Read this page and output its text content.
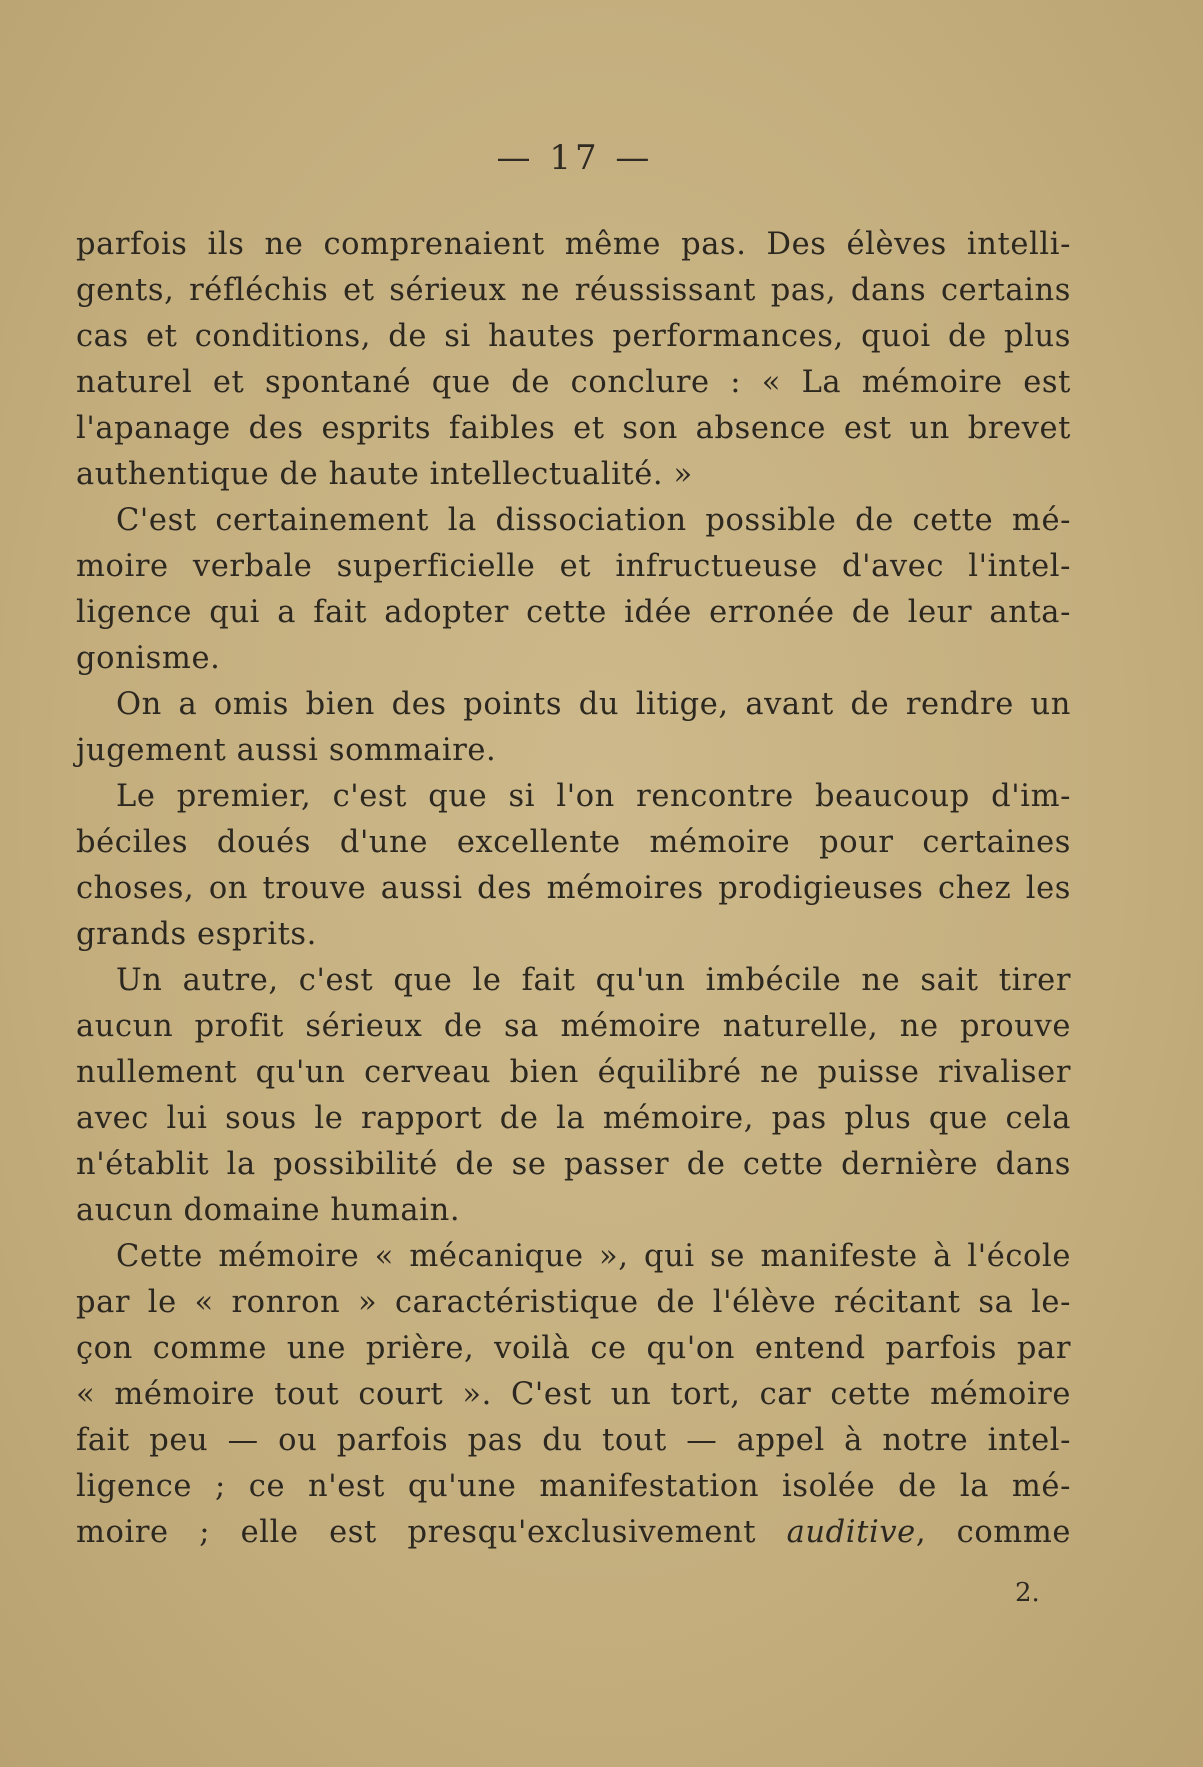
— 17 —
parfois ils ne comprenaient même pas. Des élèves intelli-
gents, réfléchis et sérieux ne réussissant pas, dans certains
cas et conditions, de si hautes performances, quoi de plus
naturel et spontané que de conclure : « La mémoire est
l'apanage des esprits faibles et son absence est un brevet
authentique de haute intellectualité. »
C'est certainement la dissociation possible de cette mé-
moire verbale superficielle et infructueuse d'avec l'intel-
ligence qui a fait adopter cette idée erronée de leur anta-
gonisme.
On a omis bien des points du litige, avant de rendre un
jugement aussi sommaire.
Le premier, c'est que si l'on rencontre beaucoup d'im-
béciles doués d'une excellente mémoire pour certaines
choses, on trouve aussi des mémoires prodigieuses chez les
grands esprits.
Un autre, c'est que le fait qu'un imbécile ne sait tirer
aucun profit sérieux de sa mémoire naturelle, ne prouve
nullement qu'un cerveau bien équilibré ne puisse rivaliser
avec lui sous le rapport de la mémoire, pas plus que cela
n'établit la possibilité de se passer de cette dernière dans
aucun domaine humain.
Cette mémoire « mécanique », qui se manifeste à l'école
par le « ronron » caractéristique de l'élève récitant sa le-
çon comme une prière, voilà ce qu'on entend parfois par
« mémoire tout court ». C'est un tort, car cette mémoire
fait peu — ou parfois pas du tout — appel à notre intel-
ligence ; ce n'est qu'une manifestation isolée de la mé-
moire ; elle est presqu'exclusivement auditive, comme
2.
